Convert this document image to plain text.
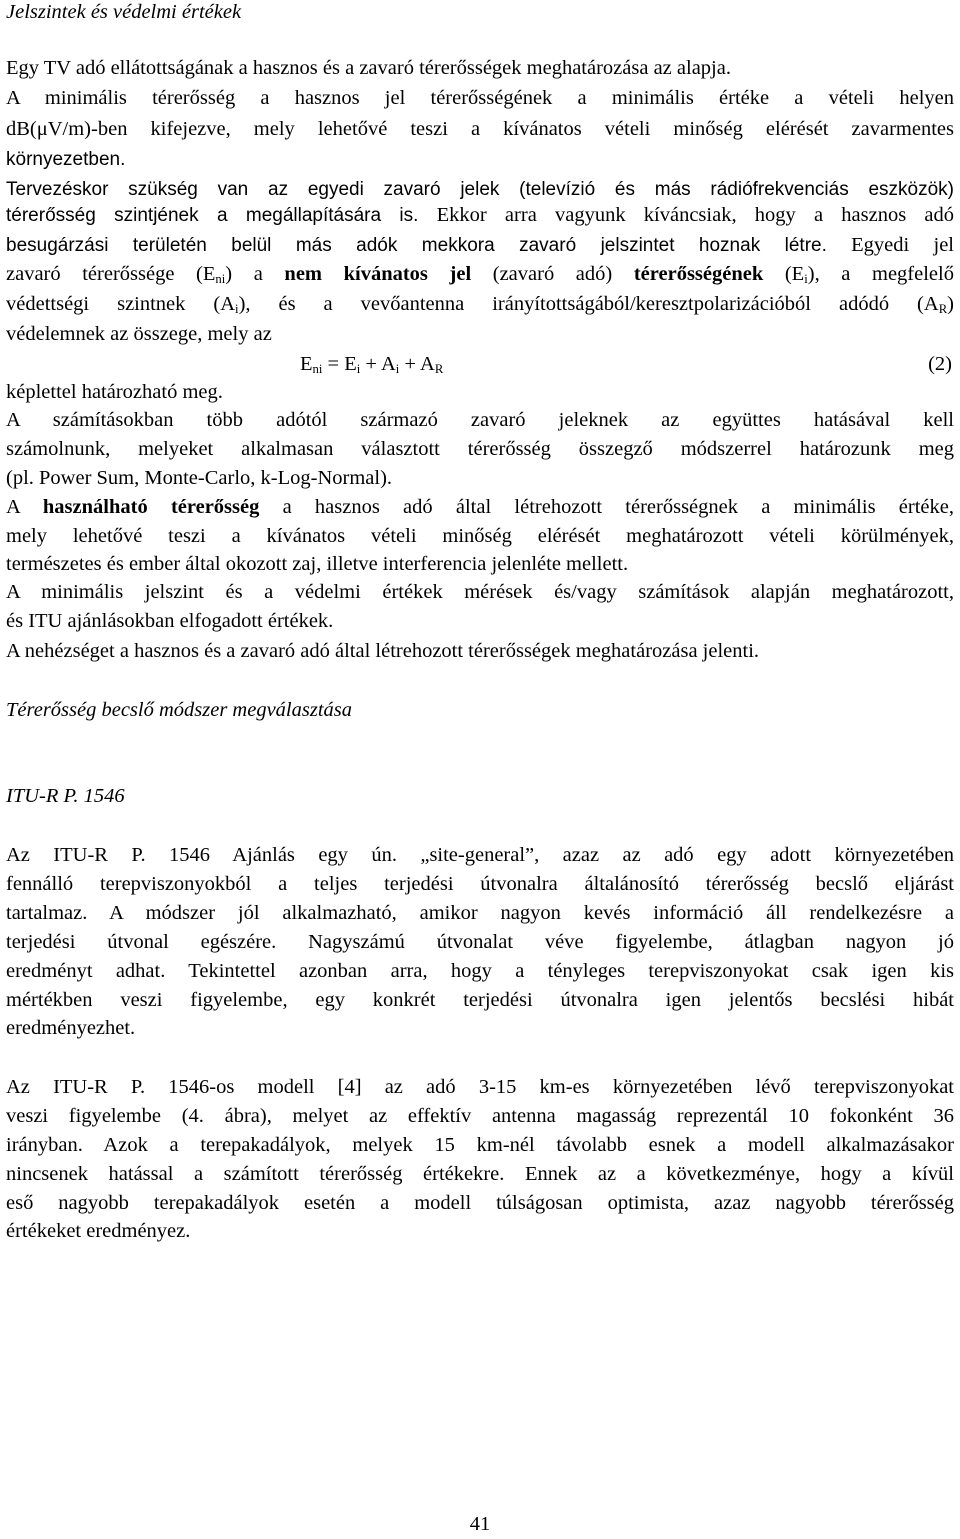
Jelszintek és védelmi értékek
Egy TV adó ellátottságának a hasznos és a zavaró térerősségek meghatározása az alapja.
A minimális térerősség a hasznos jel térerősségének a minimális értéke a vételi helyen
dB(μV/m)-ben kifejezve, mely lehetővé teszi a kívánatos vételi minőség elérését zavarmentes
környezetben.
Tervezéskor szükség van az egyedi zavaró jelek (televízió és más rádiófrekvenciás eszközök)
térerősség szintjének a megállapítására is. Ekkor arra vagyunk kíváncsiak, hogy a hasznos adó
besugárzási területén belül más adók mekkora zavaró jelszintet hoznak létre. Egyedi jel
zavaró térerőssége $(E_{ni})$ a nem kívánatos jel (zavaró adó) térerősségének $(E_i)$, a megfelelő
védettségi szintnek $(A_i)$, és a vevőantenna irányítottságából/keresztpolarizációból adódó $(A_R)$
védelemnek az összege, mely az
$E_{ni} = E_i + A_i + A_R$	(2)
képlettel határozható meg.
A számításokban több adótól származó zavaró jeleknek az együttes hatásával kell
számolnunk, melyeket alkalmasan választott térerősség összegző módszerrel határozunk meg
(pl. Power Sum, Monte-Carlo, k-Log-Normal).
A használható térerősség a hasznos adó által létrehozott térerősségnek a minimális értéke,
mely lehetővé teszi a kívánatos vételi minőség elérését meghatározott vételi körülmények,
természetes és ember által okozott zaj, illetve interferencia jelenléte mellett.
A minimális jelszint és a védelmi értékek mérések és/vagy számítások alapján meghatározott,
és ITU ajánlásokban elfogadott értékek.
A nehézséget a hasznos és a zavaró adó által létrehozott térerősségek meghatározása jelenti.
Térerősség becslő módszer megválasztása
ITU-R P. 1546
Az ITU-R P. 1546 Ajánlás egy ún. „site-general”, azaz az adó egy adott környezetében
fennálló terepviszonyokból a teljes terjedési útvonalra általánosító térerősség becslő eljárást
tartalmaz. A módszer jól alkalmazható, amikor nagyon kevés információ áll rendelkezésre a
terjedési útvonal egészére. Nagyszámú útvonalat véve figyelembe, átlagban nagyon jó
eredményt adhat. Tekintettel azonban arra, hogy a tényleges terepviszonyokat csak igen kis
mértékben veszi figyelembe, egy konkrét terjedési útvonalra igen jelentős becslési hibát
eredményezhet.
Az ITU-R P. 1546-os modell [4] az adó 3-15 km-es környezetében lévő terepviszonyokat
veszi figyelembe (4. ábra), melyet az effektív antenna magasság reprezentál 10 fokonként 36
irányban. Azok a terepakadályok, melyek 15 km-nél távolabb esnek a modell alkalmazásakor
nincsenek hatással a számított térerősség értékekre. Ennek az a következménye, hogy a kívül
eső nagyobb terepakadályok esetén a modell túlságosan optimista, azaz nagyobb térerősség
értékeket eredményez.
41
